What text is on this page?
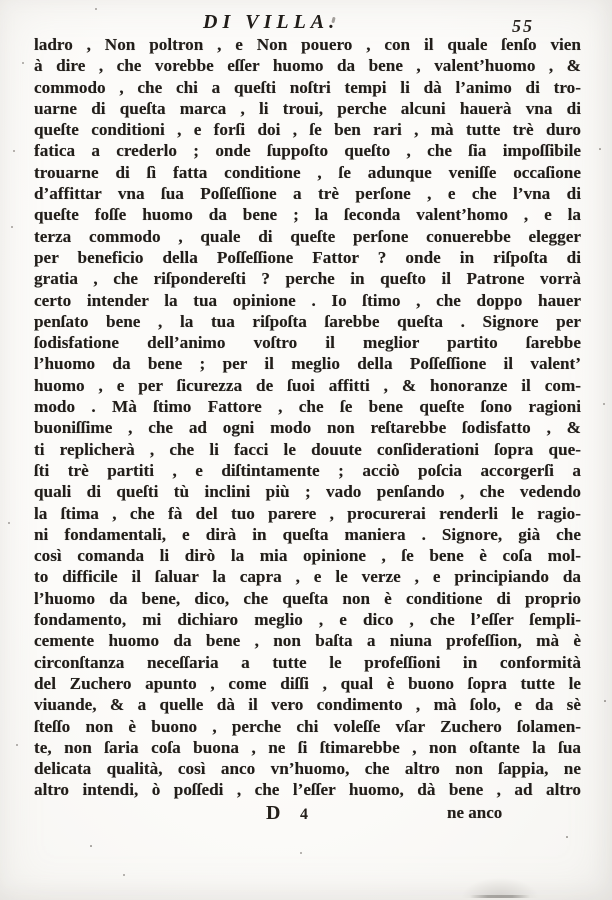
DI VILLA.	55
ladro , Non poltron , e Non pouero , con il quale ſenſo vien
à dire , che vorebbe eſſer huomo da bene , valent’huomo , &
commodo , che chi a queſti noſtri tempi li dà l’animo di tro-
uarne di queſta marca , li troui, perche alcuni hauerà vna di
queſte conditioni , e forſi doi , ſe ben rari , mà tutte trè duro
fatica a crederlo ; onde ſuppoſto queſto , che ſia impoſſibile
trouarne di ſì fatta conditione , ſe adunque veniſſe occaſione
d’affittar vna ſua Poſſeſſione a trè perſone , e che l’vna di
queſte foſſe huomo da bene ; la ſeconda valent’homo , e la
terza commodo , quale di queſte perſone conuerebbe elegger
per beneficio della Poſſeſſione Fattor ? onde in riſpoſta di
gratia , che riſpondereſti ? perche in queſto il Patrone vorrà
certo intender la tua opinione . Io ſtimo , che doppo hauer
penſato bene , la tua riſpoſta ſarebbe queſta . Signore per
ſodisfatione dell’animo voſtro il meglior partito ſarebbe
l’huomo da bene ; per il meglio della Poſſeſſione il valent’
huomo , e per ſicurezza de ſuoi affitti , & honoranze il com-
modo . Mà ſtimo Fattore , che ſe bene queſte ſono ragioni
buoniſſime , che ad ogni modo non reſtarebbe ſodisfatto , &
ti replicherà , che li facci le douute conſiderationi ſopra que-
ſti trè partiti , e diſtintamente ; acciò poſcia accorgerſi a
quali di queſti tù inclini più ; vado penſando , che vedendo
la ſtima , che fà del tuo parere , procurerai renderli le ragio-
ni fondamentali, e dirà in queſta maniera . Signore, già che
così comanda li dirò la mia opinione , ſe bene è coſa mol-
to difficile il ſaluar la capra , e le verze , e principiando da
l’huomo da bene, dico, che queſta non è conditione di proprio
fondamento, mi dichiaro meglio , e dico , che l’eſſer ſempli-
cemente huomo da bene , non baſta a niuna profeſſion, mà è
circonſtanza neceſſaria a tutte le profeſſioni in conformità
del Zuchero apunto , come diſſi , qual è buono ſopra tutte le
viuande, & a quelle dà il vero condimento , mà ſolo, e da sè
ſteſſo non è buono , perche chi voleſſe vſar Zuchero ſolamen-
te, non ſaria coſa buona , ne ſi ſtimarebbe , non oſtante la ſua
delicata qualità, così anco vn’huomo, che altro non ſappia, ne
altro intendi, ò poſſedi , che l’eſſer huomo, dà bene , ad altro
D 4	ne anco
